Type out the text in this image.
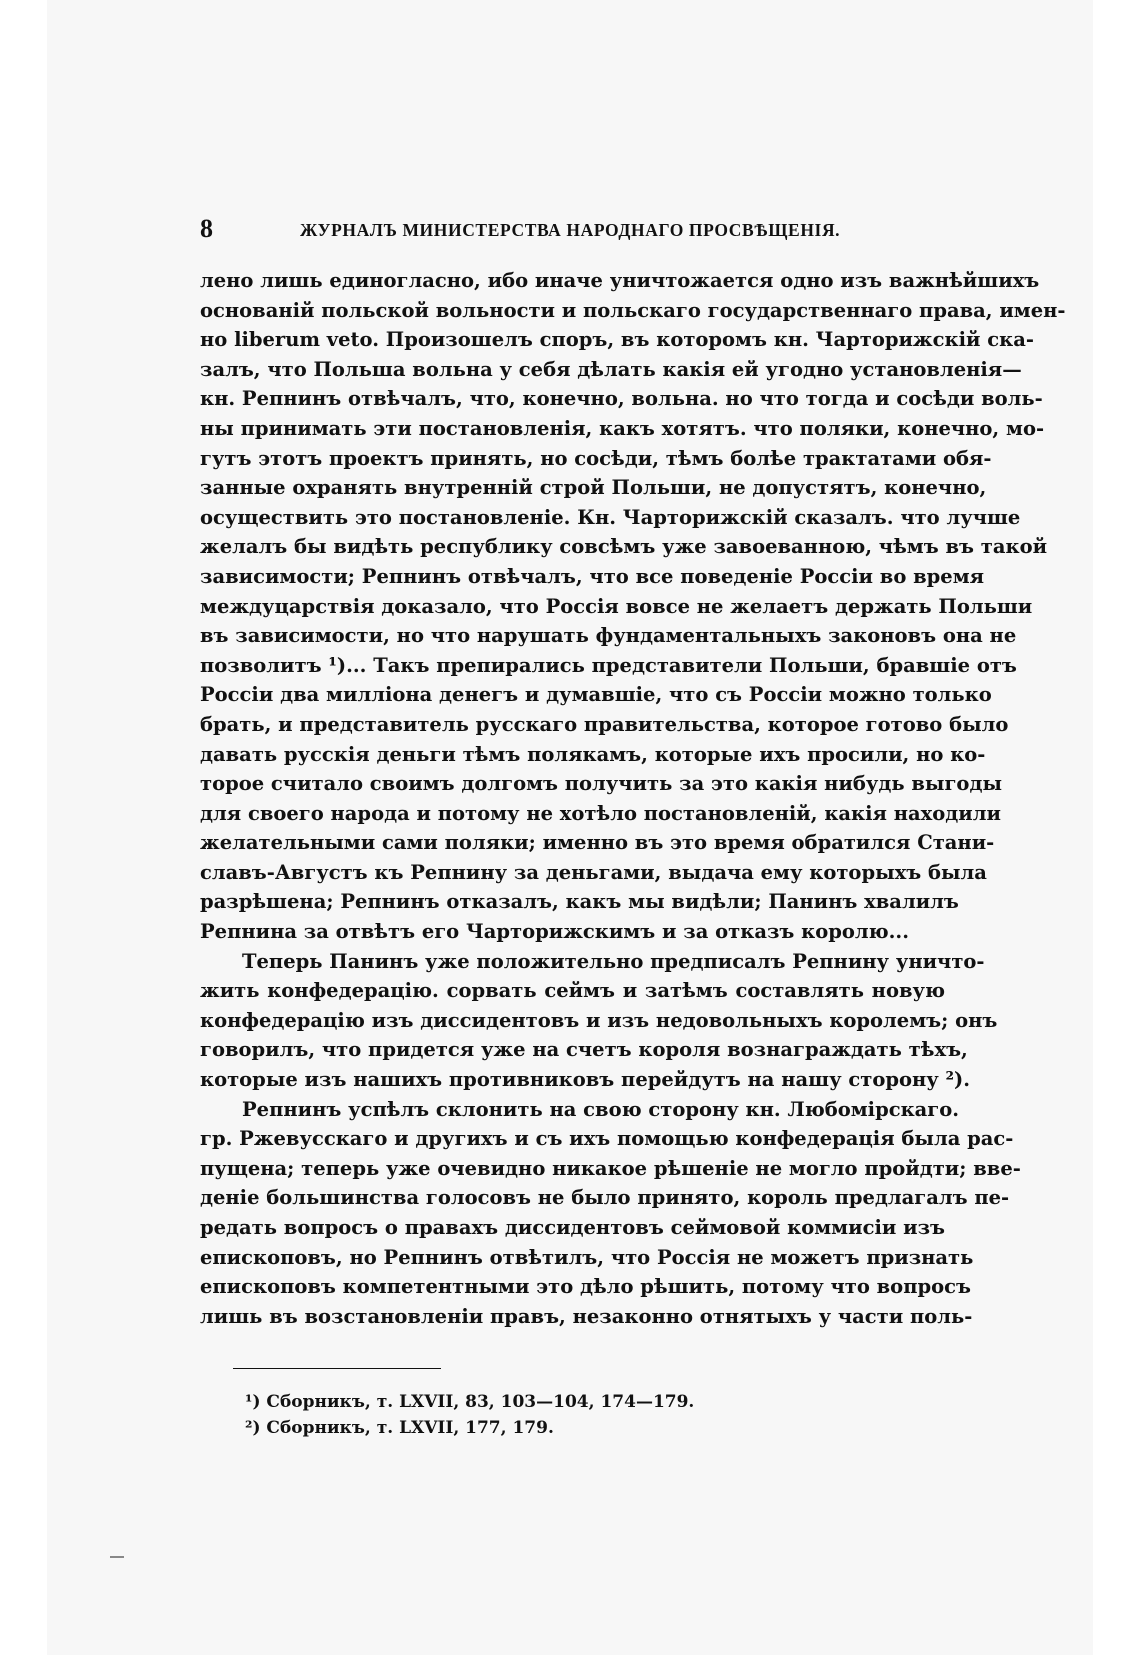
8	ЖУРНАЛЪ МИНИСТЕРСТВА НАРОДНАГО ПРОСВѢЩЕНІЯ.
лено лишь единогласно, ибо иначе уничтожается одно изъ важнѣйшихъ
основаній польской вольности и польскаго государственнаго права, имен-
но liberum veto. Произошелъ споръ, въ которомъ кн. Чарторижскій ска-
залъ, что Польша вольна у себя дѣлать какія ей угодно установленія—
кн. Репнинъ отвѣчалъ, что, конечно, вольна. но что тогда и сосѣди воль-
ны принимать эти постановленія, какъ хотятъ. что поляки, конечно, мо-
гутъ этотъ проектъ принять, но сосѣди, тѣмъ болѣе трактатами обя-
занные охранять внутренній строй Польши, не допустятъ, конечно,
осуществить это постановленіе. Кн. Чарторижскій сказалъ. что лучше
желалъ бы видѣть республику совсѣмъ уже завоеванною, чѣмъ въ такой
зависимости; Репнинъ отвѣчалъ, что все поведеніе Россіи во время
междуцарствія доказало, что Россія вовсе не желаетъ держать Польши
въ зависимости, но что нарушать фундаментальныхъ законовъ она не
позволитъ ¹)... Такъ препирались представители Польши, бравшіе отъ
Россіи два милліона денегъ и думавшіе, что съ Россіи можно только
брать, и представитель русскаго правительства, которое готово было
давать русскія деньги тѣмъ полякамъ, которые ихъ просили, но ко-
торое считало своимъ долгомъ получить за это какія нибудь выгоды
для своего народа и потому не хотѣло постановленій, какія находили
желательными сами поляки; именно въ это время обратился Стани-
славъ-Августъ къ Репнину за деньгами, выдача ему которыхъ была
разрѣшена; Репнинъ отказалъ, какъ мы видѣли; Панинъ хвалилъ
Репнина за отвѣтъ его Чарторижскимъ и за отказъ королю...
Теперь Панинъ уже положительно предписалъ Репнину уничто-
жить конфедерацію. сорвать сеймъ и затѣмъ составлять новую
конфедерацію изъ диссидентовъ и изъ недовольныхъ королемъ; онъ
говорилъ, что придется уже на счетъ короля вознаграждать тѣхъ,
которые изъ нашихъ противниковъ перейдутъ на нашу сторону ²).
Репнинъ успѣлъ склонить на свою сторону кн. Любомірскаго.
гр. Ржевусскаго и другихъ и съ ихъ помощью конфедерація была рас-
пущена; теперь уже очевидно никакое рѣшеніе не могло пройдти; вве-
деніе большинства голосовъ не было принято, король предлагалъ пе-
редать вопросъ о правахъ диссидентовъ сеймовой коммисіи изъ
епископовъ, но Репнинъ отвѣтилъ, что Россія не можетъ признать
епископовъ компетентными это дѣло рѣшить, потому что вопросъ
лишь въ возстановленіи правъ, незаконно отнятыхъ у части поль-
¹) Сборникъ, т. LXVII, 83, 103—104, 174—179.
²) Сборникъ, т. LXVII, 177, 179.
